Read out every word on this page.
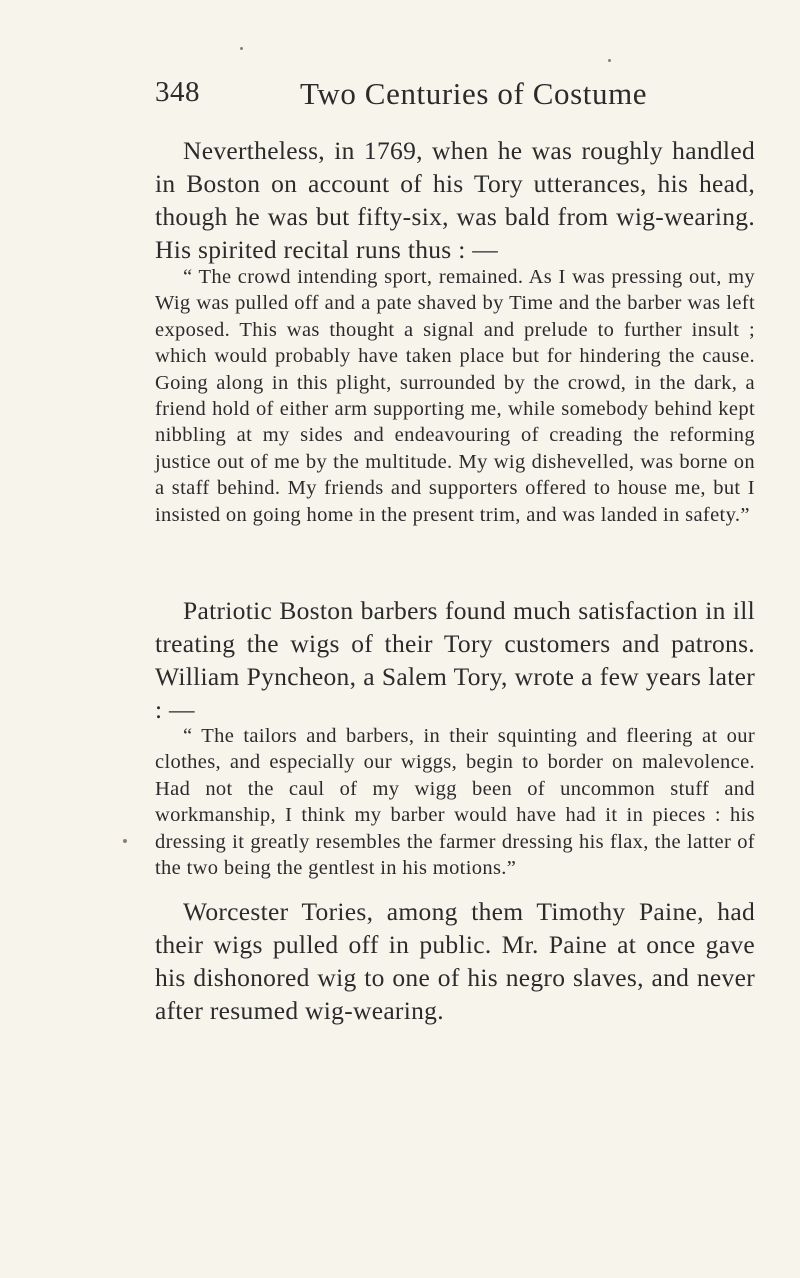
348	Two Centuries of Costume

Nevertheless, in 1769, when he was roughly handled in Boston on account of his Tory utterances, his head, though he was but fifty-six, was bald from wig-wearing. His spirited recital runs thus : —

“ The crowd intending sport, remained. As I was pressing out, my Wig was pulled off and a pate shaved by Time and the barber was left exposed. This was thought a signal and prelude to further insult ; which would probably have taken place but for hindering the cause. Going along in this plight, surrounded by the crowd, in the dark, a friend hold of either arm supporting me, while somebody behind kept nibbling at my sides and endeavouring of creading the reforming justice out of me by the multitude. My wig dishevelled, was borne on a staff behind. My friends and supporters offered to house me, but I insisted on going home in the present trim, and was landed in safety.”

Patriotic Boston barbers found much satisfaction in ill treating the wigs of their Tory customers and patrons. William Pyncheon, a Salem Tory, wrote a few years later : —

“ The tailors and barbers, in their squinting and fleering at our clothes, and especially our wiggs, begin to border on malevolence. Had not the caul of my wigg been of uncommon stuff and workmanship, I think my barber would have had it in pieces : his dressing it greatly resembles the farmer dressing his flax, the latter of the two being the gentlest in his motions.”

Worcester Tories, among them Timothy Paine, had their wigs pulled off in public. Mr. Paine at once gave his dishonored wig to one of his negro slaves, and never after resumed wig-wearing.
